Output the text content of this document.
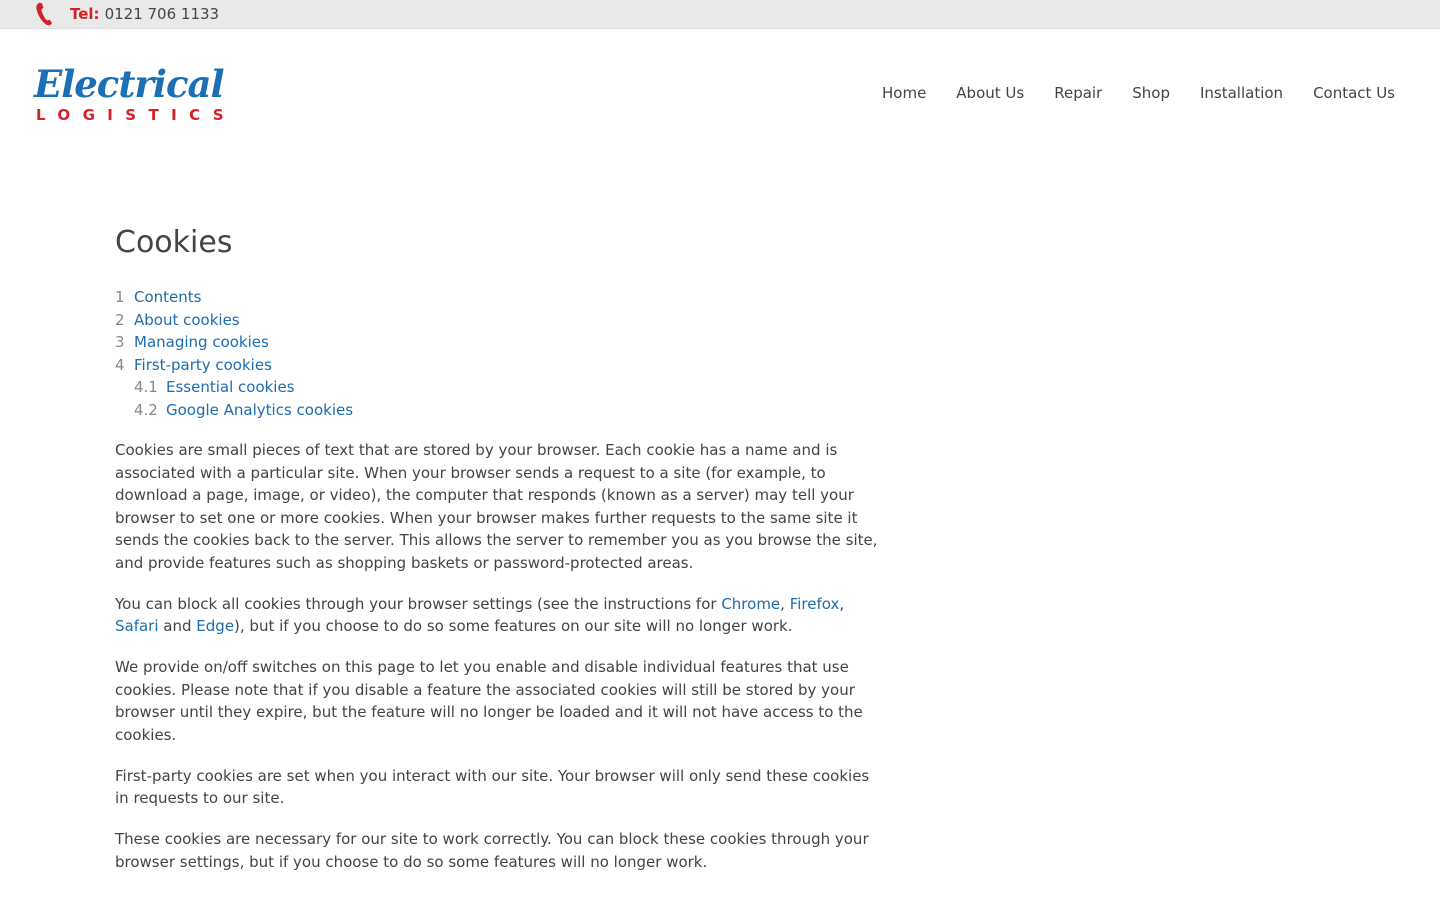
Tel: 0121 706 1133
Electrical
LOGISTICS
Home About Us Repair Shop Installation Contact Us
Cookies
1 Contents
2 About cookies
3 Managing cookies
4 First-party cookies
4.1 Essential cookies
4.2 Google Analytics cookies

Cookies are small pieces of text that are stored by your browser. Each cookie has a name and is associated with a particular site. When your browser sends a request to a site (for example, to download a page, image, or video), the computer that responds (known as a server) may tell your browser to set one or more cookies. When your browser makes further requests to the same site it sends the cookies back to the server. This allows the server to remember you as you browse the site, and provide features such as shopping baskets or password-protected areas.

You can block all cookies through your browser settings (see the instructions for Chrome, Firefox, Safari and Edge), but if you choose to do so some features on our site will no longer work.

We provide on/off switches on this page to let you enable and disable individual features that use cookies. Please note that if you disable a feature the associated cookies will still be stored by your browser until they expire, but the feature will no longer be loaded and it will not have access to the cookies.

First-party cookies are set when you interact with our site. Your browser will only send these cookies in requests to our site.

These cookies are necessary for our site to work correctly. You can block these cookies through your browser settings, but if you choose to do so some features will no longer work.
